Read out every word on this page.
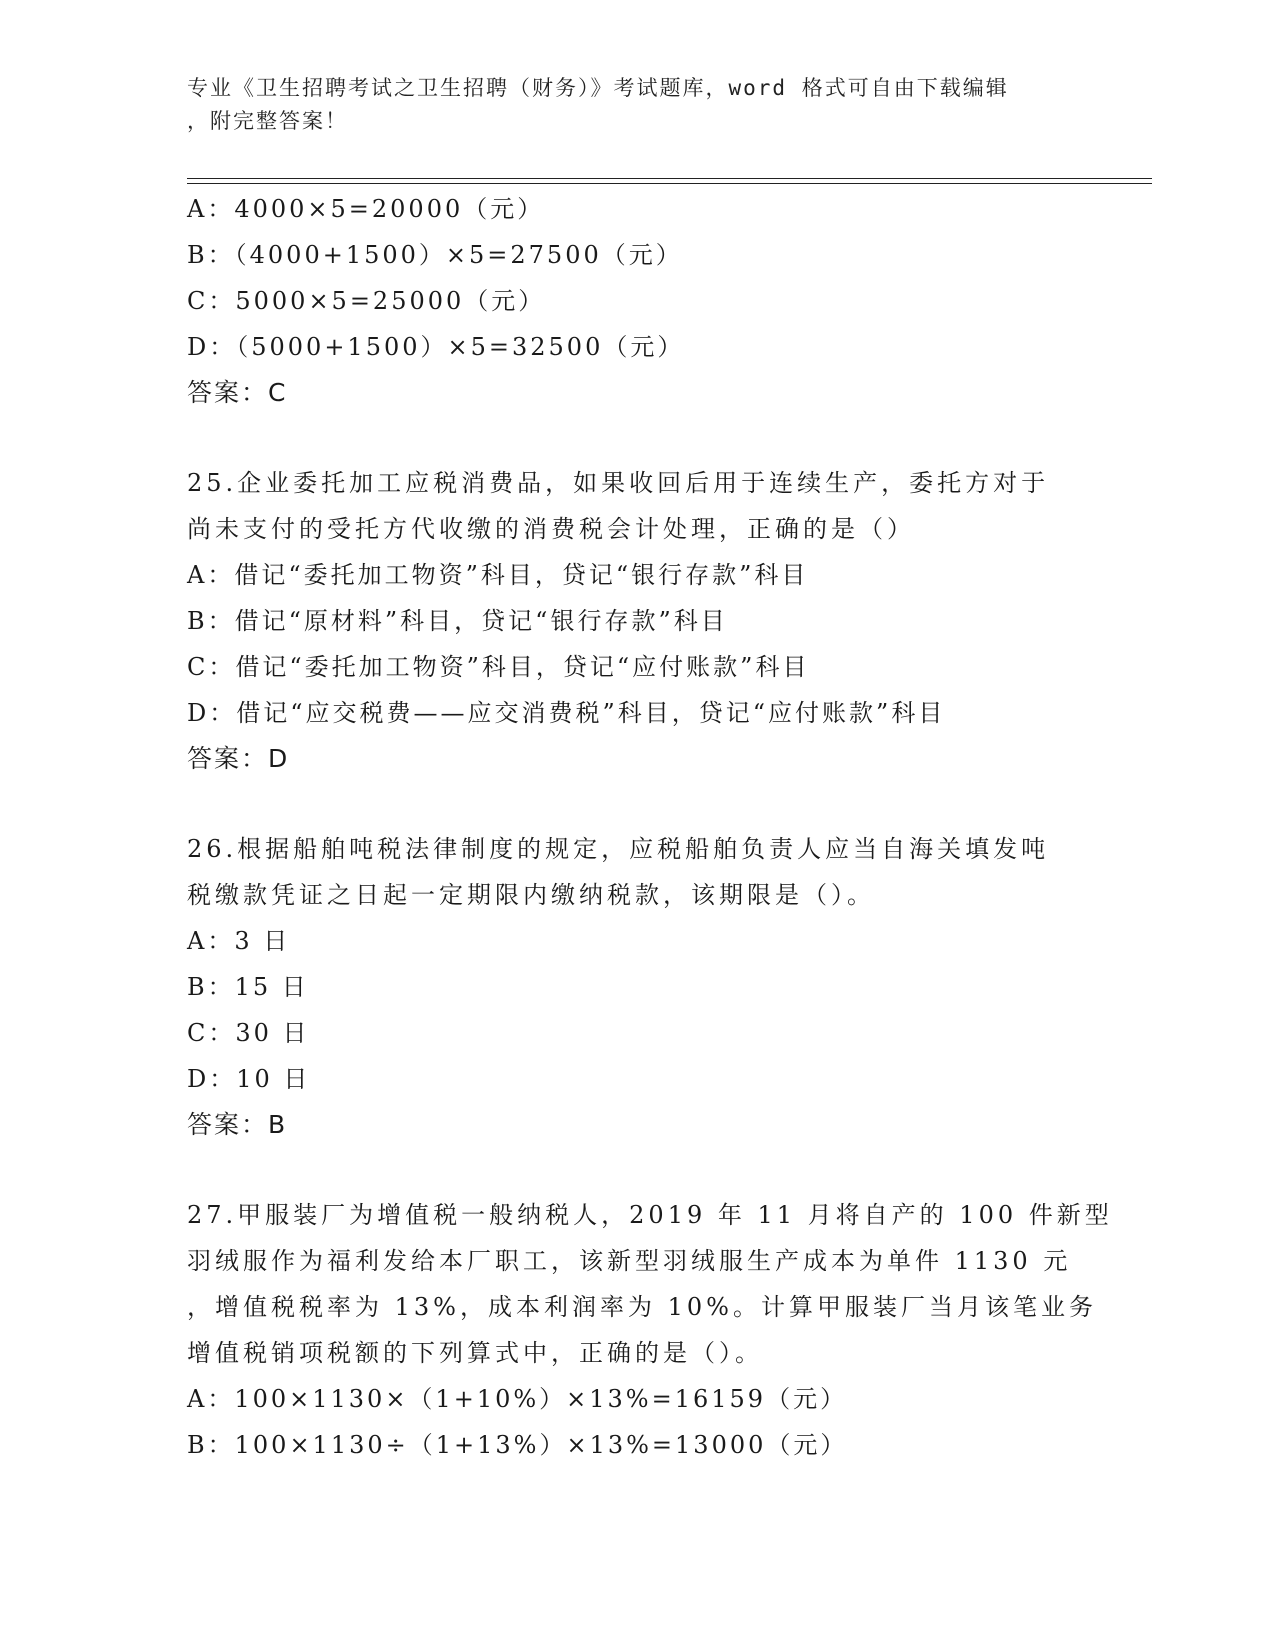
专业《卫生招聘考试之卫生招聘（财务）》考试题库，word 格式可自由下载编辑
，附完整答案！
A：4000×5=20000（元）
B：（4000+1500）×5=27500（元）
C：5000×5=25000（元）
D：（5000+1500）×5=32500（元）
答案：C
25.企业委托加工应税消费品，如果收回后用于连续生产，委托方对于
尚未支付的受托方代收缴的消费税会计处理，正确的是（）
A：借记“委托加工物资”科目，贷记“银行存款”科目
B：借记“原材料”科目，贷记“银行存款”科目
C：借记“委托加工物资”科目，贷记“应付账款”科目
D：借记“应交税费——应交消费税”科目，贷记“应付账款”科目
答案：D
26.根据船舶吨税法律制度的规定，应税船舶负责人应当自海关填发吨
税缴款凭证之日起一定期限内缴纳税款，该期限是（）。
A：3 日
B：15 日
C：30 日
D：10 日
答案：B
27.甲服装厂为增值税一般纳税人，2019 年 11 月将自产的 100 件新型
羽绒服作为福利发给本厂职工，该新型羽绒服生产成本为单件 1130 元
，增值税税率为 13%，成本利润率为 10%。计算甲服装厂当月该笔业务
增值税销项税额的下列算式中，正确的是（）。
A：100×1130×（1+10%）×13%=16159（元）
B：100×1130÷（1+13%）×13%=13000（元）
